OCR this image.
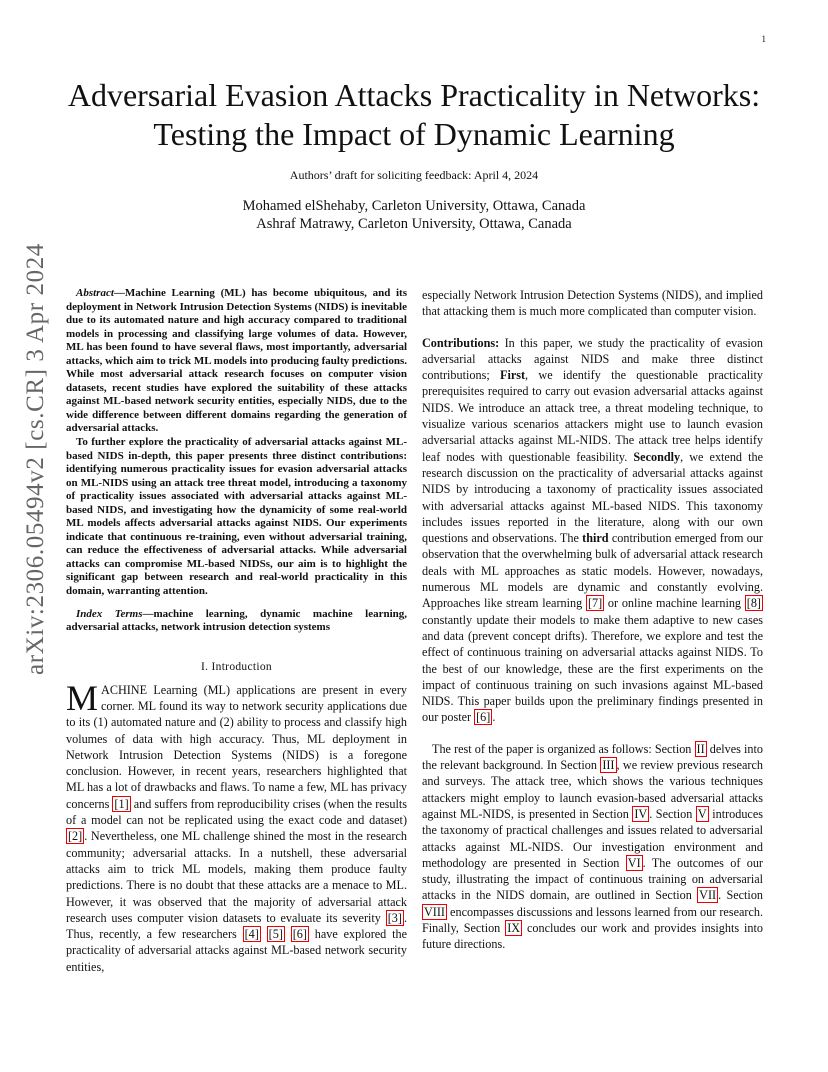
1
arXiv:2306.05494v2 [cs.CR] 3 Apr 2024
Adversarial Evasion Attacks Practicality in Networks: Testing the Impact of Dynamic Learning
Authors’ draft for soliciting feedback: April 4, 2024
Mohamed elShehaby, Carleton University, Ottawa, Canada
Ashraf Matrawy, Carleton University, Ottawa, Canada

Abstract—Machine Learning (ML) has become ubiquitous, and its deployment in Network Intrusion Detection Systems (NIDS) is inevitable due to its automated nature and high accuracy compared to traditional models in processing and classifying large volumes of data. However, ML has been found to have several flaws, most importantly, adversarial attacks, which aim to trick ML models into producing faulty predictions. While most adversarial attack research focuses on computer vision datasets, recent studies have explored the suitability of these attacks against ML-based network security entities, especially NIDS, due to the wide difference between different domains regarding the generation of adversarial attacks.

To further explore the practicality of adversarial attacks against ML-based NIDS in-depth, this paper presents three distinct contributions: identifying numerous practicality issues for evasion adversarial attacks on ML-NIDS using an attack tree threat model, introducing a taxonomy of practicality issues associated with adversarial attacks against ML-based NIDS, and investigating how the dynamicity of some real-world ML models affects adversarial attacks against NIDS. Our experiments indicate that continuous re-training, even without adversarial training, can reduce the effectiveness of adversarial attacks. While adversarial attacks can compromise ML-based NIDSs, our aim is to highlight the significant gap between research and real-world practicality in this domain, warranting attention.

Index Terms—machine learning, dynamic machine learning, adversarial attacks, network intrusion detection systems

I. Introduction

MACHINE Learning (ML) applications are present in every corner. ML found its way to network security applications due to its (1) automated nature and (2) ability to process and classify high volumes of data with high accuracy. Thus, ML deployment in Network Intrusion Detection Systems (NIDS) is a foregone conclusion. However, in recent years, researchers highlighted that ML has a lot of drawbacks and flaws. To name a few, ML has privacy concerns [1] and suffers from reproducibility crises (when the results of a model can not be replicated using the exact code and dataset) [2] . Nevertheless, one ML challenge shined the most in the research community; adversarial attacks. In a nutshell, these adversarial attacks aim to trick ML models, making them produce faulty predictions. There is no doubt that these attacks are a menace to ML. However, it was observed that the majority of adversarial attack research uses computer vision datasets to evaluate its severity [3] . Thus, recently, a few researchers [4] [5] [6] have explored the practicality of adversarial attacks against ML-based network security entities,

especially Network Intrusion Detection Systems (NIDS), and implied that attacking them is much more complicated than computer vision.

Contributions: In this paper, we study the practicality of evasion adversarial attacks against NIDS and make three distinct contributions; First, we identify the questionable practicality prerequisites required to carry out evasion adversarial attacks against NIDS. We introduce an attack tree, a threat modeling technique, to visualize various scenarios attackers might use to launch evasion adversarial attacks against ML-NIDS. The attack tree helps identify leaf nodes with questionable feasibility. Secondly, we extend the research discussion on the practicality of adversarial attacks against NIDS by introducing a taxonomy of practicality issues associated with adversarial attacks against ML-based NIDS. This taxonomy includes issues reported in the literature, along with our own questions and observations. The third contribution emerged from our observation that the overwhelming bulk of adversarial attack research deals with ML approaches as static models. However, nowadays, numerous ML models are dynamic and constantly evolving. Approaches like stream learning [7] or online machine learning [8] constantly update their models to make them adaptive to new cases and data (prevent concept drifts). Therefore, we explore and test the effect of continuous training on adversarial attacks against NIDS. To the best of our knowledge, these are the first experiments on the impact of continuous training on such invasions against ML-based NIDS. This paper builds upon the preliminary findings presented in our poster [6] .

The rest of the paper is organized as follows: Section II delves into the relevant background. In Section III , we review previous research and surveys. The attack tree, which shows the various techniques attackers might employ to launch evasion-based adversarial attacks against ML-NIDS, is presented in Section IV . Section V introduces the taxonomy of practical challenges and issues related to adversarial attacks against ML-NIDS. Our investigation environment and methodology are presented in Section VI . The outcomes of our study, illustrating the impact of continuous training on adversarial attacks in the NIDS domain, are outlined in Section VII . Section VIII encompasses discussions and lessons learned from our research. Finally, Section IX concludes our work and provides insights into future directions.
